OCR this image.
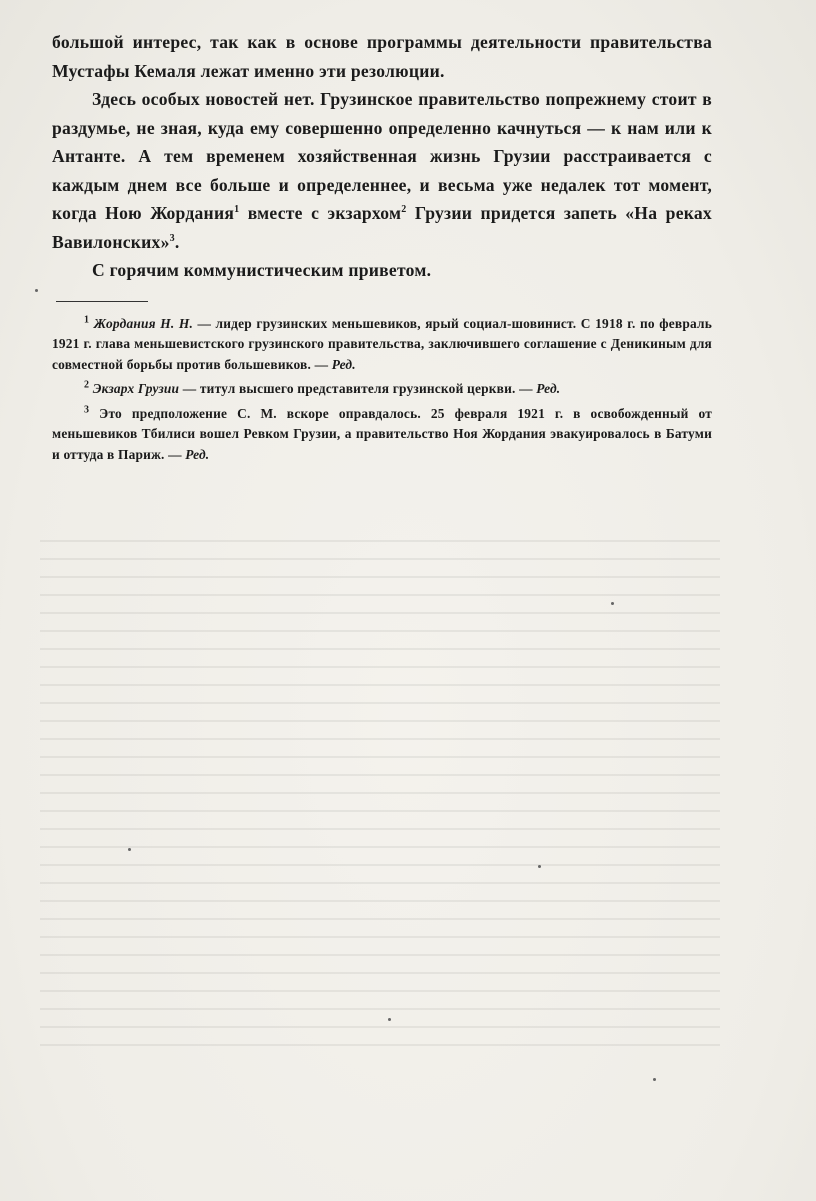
большой интерес, так как в основе программы деятельности правительства Мустафы Кемаля лежат именно эти резолюции.

Здесь особых новостей нет. Грузинское правительство попрежнему стоит в раздумье, не зная, куда ему совершенно определенно качнуться — к нам или к Антанте. А тем временем хозяйственная жизнь Грузии расстраивается с каждым днем все больше и определеннее, и весьма уже недалек тот момент, когда Ною Жордания$^1$ вместе с экзархом$^2$ Грузии придется запеть «На реках Вавилонских»$^3$.

С горячим коммунистическим приветом.

$^1$ Жордания Н. Н. — лидер грузинских меньшевиков, ярый социал-шовинист. С 1918 г. по февраль 1921 г. глава меньшевистского грузинского правительства, заключившего соглашение с Деникиным для совместной борьбы против большевиков. — Ред.

$^2$ Экзарх Грузии — титул высшего представителя грузинской церкви. — Ред.

$^3$ Это предположение С. М. вскоре оправдалось. 25 февраля 1921 г. в освобожденный от меньшевиков Тбилиси вошел Ревком Грузии, а правительство Ноя Жордания эвакуировалось в Батуми и оттуда в Париж. — Ред.
